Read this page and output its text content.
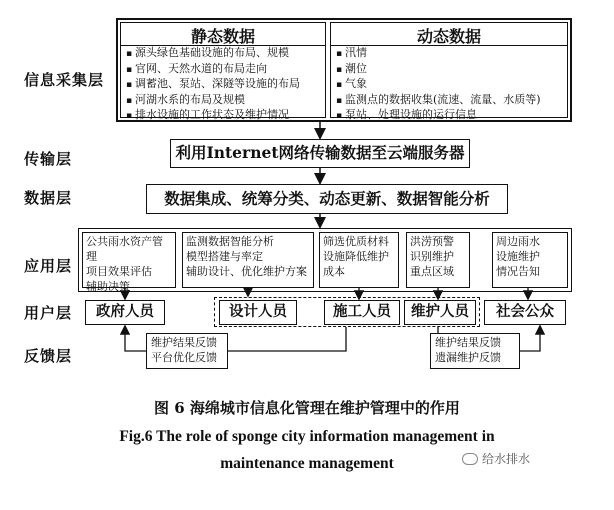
信息采集层
传输层
数据层
应用层
用户层
反馈层
静态数据
▪ 源头绿色基础设施的布局、规模
▪ 官网、天然水道的布局走向
▪ 调蓄池、泵站、深隧等设施的布局
▪ 河湖水系的布局及规模
▪ 排水设施的工作状态及维护情况
动态数据
▪ 汛情
▪ 潮位
▪ 气象
▪ 监测点的数据收集(流速、流量、水质等)
▪ 泵站、处理设施的运行信息
利用Internet网络传输数据至云端服务器
数据集成、统筹分类、动态更新、数据智能分析
公共雨水资产管理
项目效果评估
辅助决策
监测数据智能分析
模型搭建与率定
辅助设计、优化维护方案
筛选优质材料
设施降低维护
成本
洪涝预警
识别维护
重点区域
周边雨水
设施维护
情况告知
政府人员	设计人员	施工人员	维护人员	社会公众
维护结果反馈
平台优化反馈
维护结果反馈
遗漏维护反馈
图 6 海绵城市信息化管理在维护管理中的作用
Fig.6 The role of sponge city information management in
maintenance management	给水排水
